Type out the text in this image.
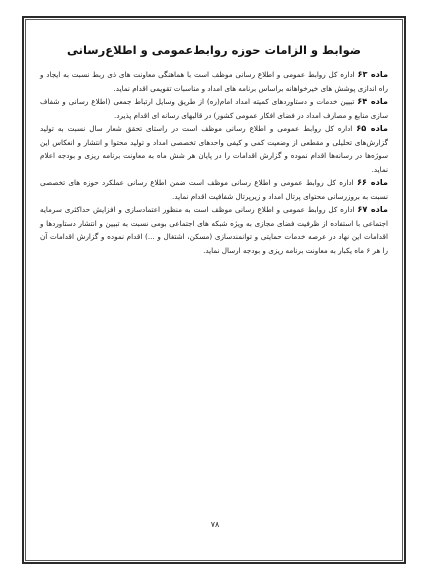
ضوابط و الزامات حوزه روابط‌عمومی و اطلاع‌رسانی

ماده ۶۳ اداره کل روابط عمومی و اطلاع رسانی موظف است با هماهنگی معاونت های ذی ربط نسبت به ایجاد و راه اندازی پوشش های خیرخواهانه براساس برنامه های امداد و مناسبات تقویمی اقدام نماید.

ماده ۶۴ تبیین خدمات و دستاوردهای کمیته امداد امام(ره) از طریق وسایل ارتباط جمعی (اطلاع رسانی و شفاف سازی منابع و مصارف امداد در فضای افکار عمومی کشور) در قالبهای رسانه ای اقدام پذیرد.

ماده ۶۵ اداره کل روابط عمومی و اطلاع رسانی موظف است در راستای تحقق شعار سال نسبت به تولید گزارش‌های تحلیلی و مقطعی از وضعیت کمی و کیفی واحدهای تخصصی امداد و تولید محتوا و انتشار و انعکاس این سوژه‌ها در رسانه‌ها اقدام نموده و گزارش اقدامات را در پایان هر شش ماه به معاونت برنامه ریزی و بودجه اعلام نماید.

ماده ۶۶ اداره کل روابط عمومی و اطلاع رسانی موظف است ضمن اطلاع رسانی عملکرد حوزه های تخصصی نسبت به بروزرسانی محتوای پرتال امداد و زیرپرتال شفافیت اقدام نماید.

ماده ۶۷ اداره کل روابط عمومی و اطلاع رسانی موظف است به منظور اعتمادسازی و افزایش حداکثری سرمایه اجتماعی با استفاده از ظرفیت فضای مجازی به ویژه شبکه های اجتماعی بومی نسبت به تبیین و انتشار دستاوردها و اقدامات این نهاد در عرصه خدمات حمایتی و توانمندسازی (مسکن، اشتغال و ...) اقدام نموده و گزارش اقدامات آن را هر ۶ ماه یکبار به معاونت برنامه ریزی و بودجه ارسال نماید.

۷۸
